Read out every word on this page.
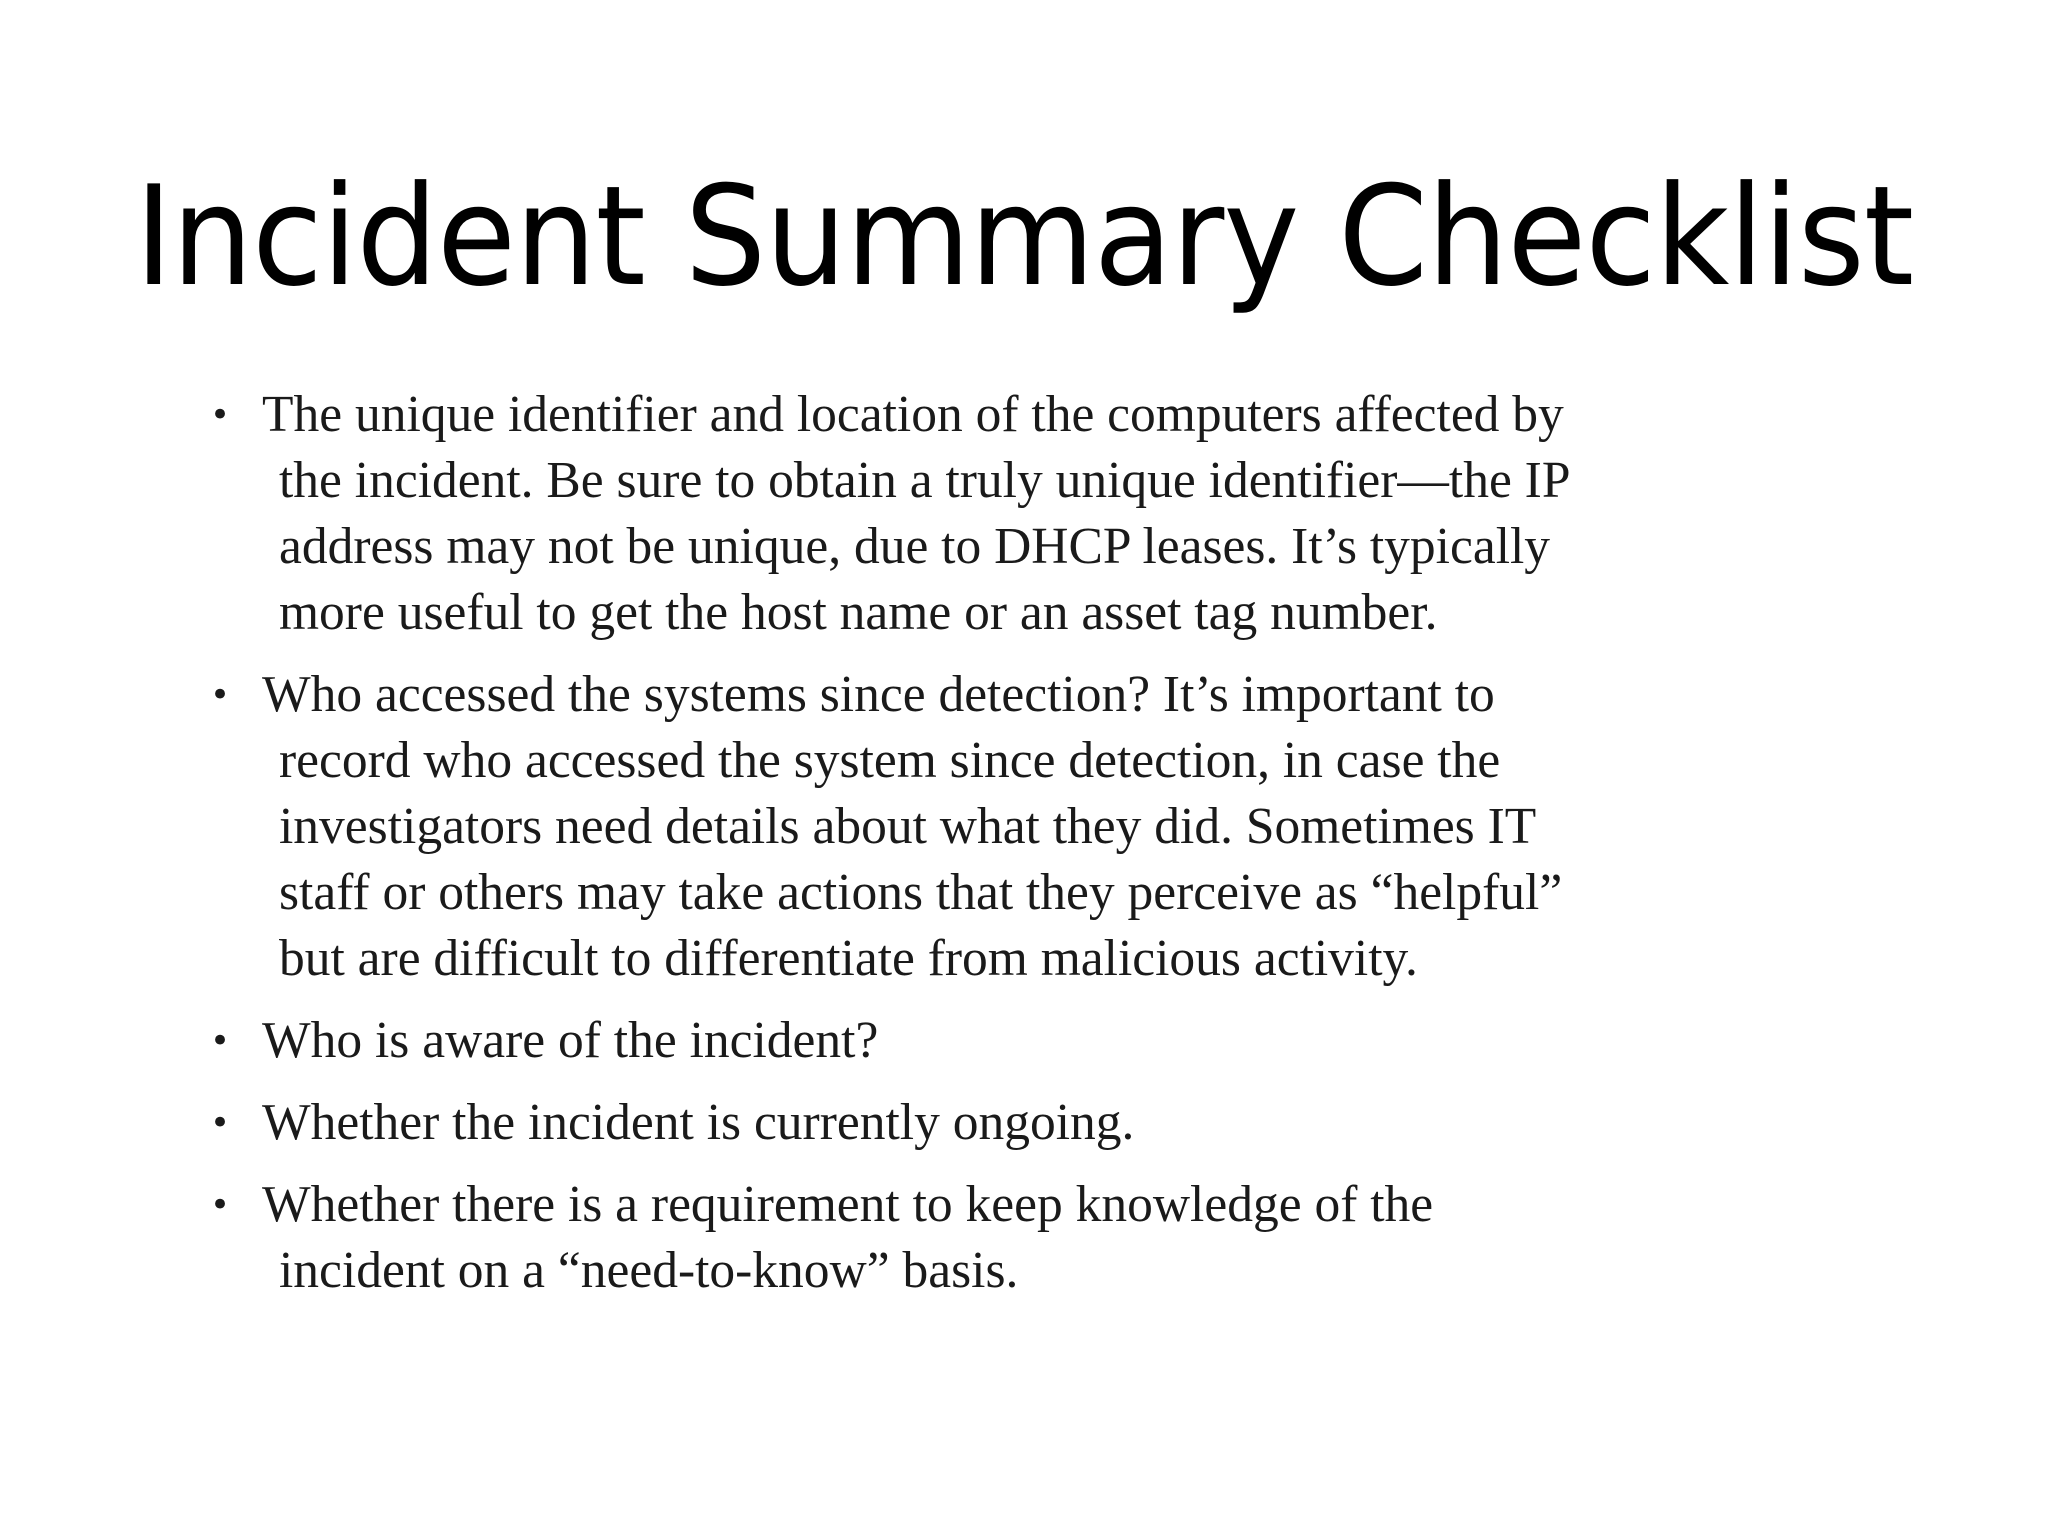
Incident Summary Checklist
• The unique identifier and location of the computers affected by
the incident. Be sure to obtain a truly unique identifier—the IP
address may not be unique, due to DHCP leases. It’s typically
more useful to get the host name or an asset tag number.
• Who accessed the systems since detection? It’s important to
record who accessed the system since detection, in case the
investigators need details about what they did. Sometimes IT
staff or others may take actions that they perceive as “helpful”
but are difficult to differentiate from malicious activity.
• Who is aware of the incident?
• Whether the incident is currently ongoing.
• Whether there is a requirement to keep knowledge of the
incident on a “need-to-know” basis.
